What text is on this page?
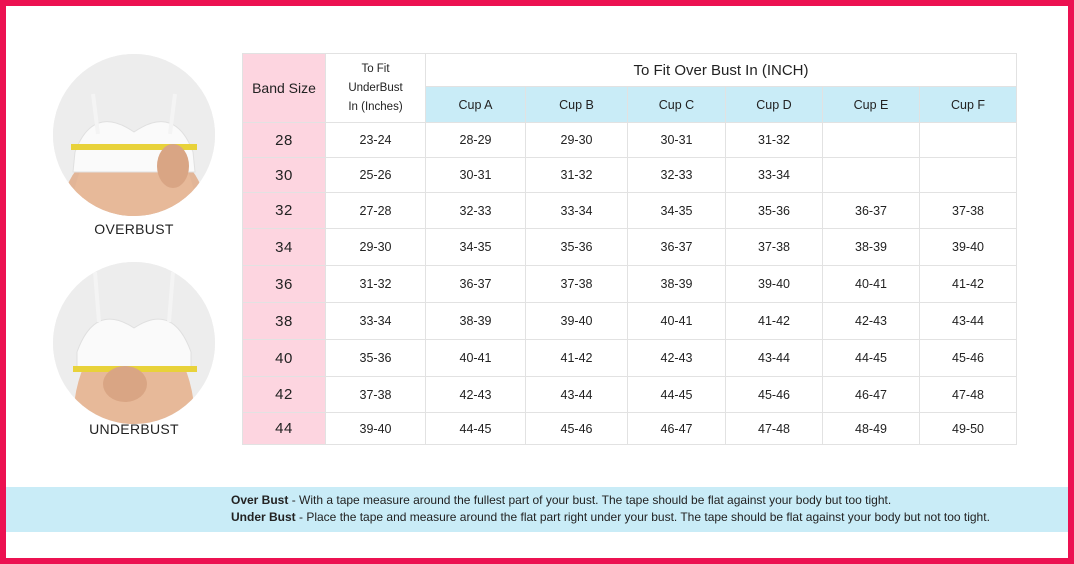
OVERBUST
UNDERBUST
Band Size	To Fit
UnderBust
In (Inches)	To Fit Over Bust In (INCH)					
		Cup A	Cup B	Cup C	Cup D	Cup E	Cup F
28	23-24	28-29	29-30	30-31	31-32		
30	25-26	30-31	31-32	32-33	33-34		
32	27-28	32-33	33-34	34-35	35-36	36-37	37-38
34	29-30	34-35	35-36	36-37	37-38	38-39	39-40
36	31-32	36-37	37-38	38-39	39-40	40-41	41-42
38	33-34	38-39	39-40	40-41	41-42	42-43	43-44
40	35-36	40-41	41-42	42-43	43-44	44-45	45-46
42	37-38	42-43	43-44	44-45	45-46	46-47	47-48
44	39-40	44-45	45-46	46-47	47-48	48-49	49-50
Over Bust - With a tape measure around the fullest part of your bust. The tape should be flat against your body but too tight.
Under Bust - Place the tape and measure around the flat part right under your bust. The tape should be flat against your body but not too tight.
